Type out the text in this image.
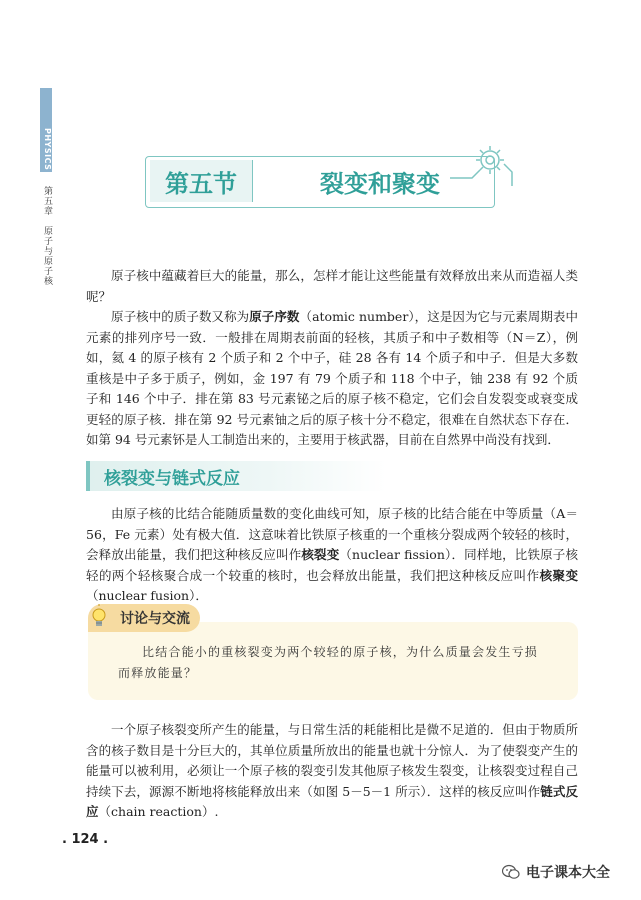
PHYSICS
第五章　原子与原子核
第五节	裂变和聚变

原子核中蕴藏着巨大的能量，那么，怎样才能让这些能量有效释放出来从而造福人类呢？

原子核中的质子数又称为原子序数（atomic number），这是因为它与元素周期表中元素的排列序号一致．一般排在周期表前面的轻核，其质子和中子数相等（N＝Z），例如，氦 4 的原子核有 2 个质子和 2 个中子，硅 28 各有 14 个质子和中子．但是大多数重核是中子多于质子，例如，金 197 有 79 个质子和 118 个中子，铀 238 有 92 个质子和 146 个中子．排在第 83 号元素铋之后的原子核不稳定，它们会自发裂变或衰变成更轻的原子核．排在第 92 号元素铀之后的原子核十分不稳定，很难在自然状态下存在．如第 94 号元素钚是人工制造出来的，主要用于核武器，目前在自然界中尚没有找到．

核裂变与链式反应

由原子核的比结合能随质量数的变化曲线可知，原子核的比结合能在中等质量（A＝56，Fe 元素）处有极大值．这意味着比铁原子核重的一个重核分裂成两个较轻的核时，会释放出能量，我们把这种核反应叫作核裂变（nuclear fission）．同样地，比铁原子核轻的两个轻核聚合成一个较重的核时，也会释放出能量，我们把这种核反应叫作核聚变（nuclear fusion）．

比结合能小的重核裂变为两个较轻的原子核，为什么质量会发生亏损而释放能量？

讨论与交流

一个原子核裂变所产生的能量，与日常生活的耗能相比是微不足道的．但由于物质所含的核子数目是十分巨大的，其单位质量所放出的能量也就十分惊人．为了使裂变产生的能量可以被利用，必须让一个原子核的裂变引发其他原子核发生裂变，让核裂变过程自己持续下去，源源不断地将核能释放出来（如图 5－5－1 所示）．这样的核反应叫作链式反应（chain reaction）.

. 124 .
电子课本大全
